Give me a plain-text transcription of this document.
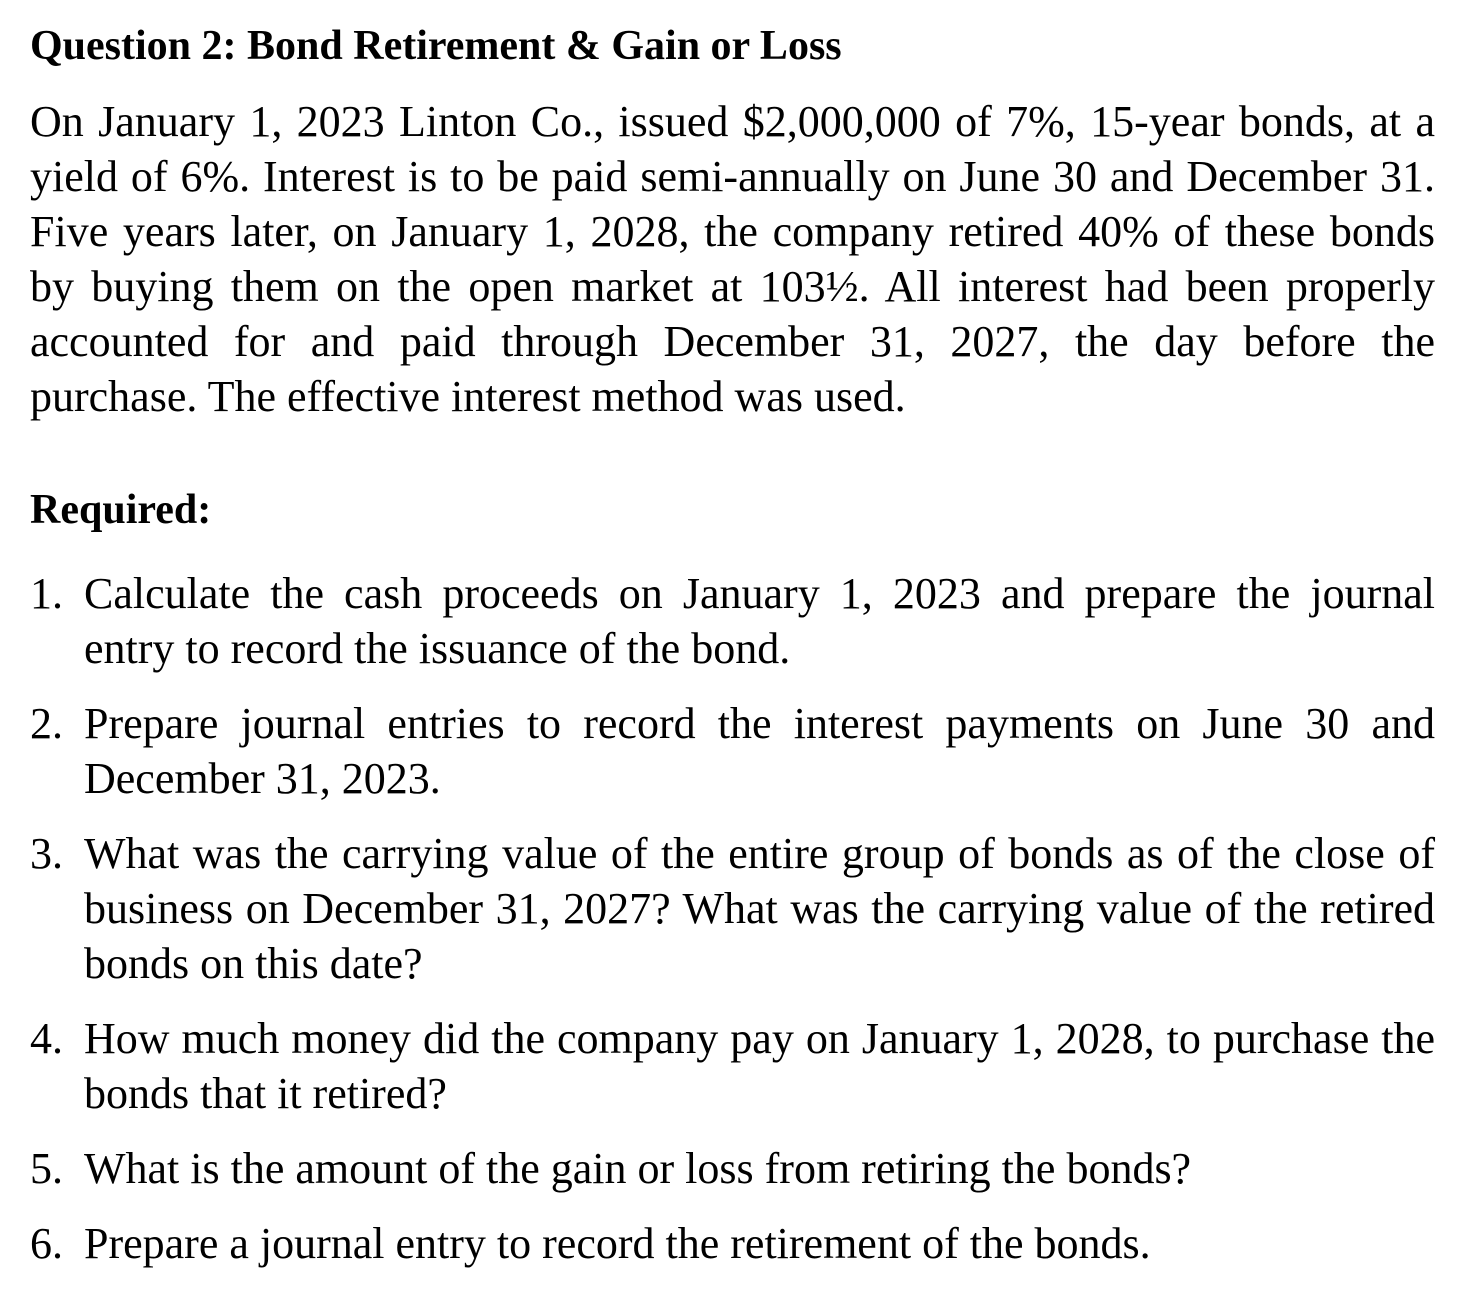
Question 2: Bond Retirement & Gain or Loss

On January 1, 2023 Linton Co., issued $2,000,000 of 7%, 15-year bonds, at a yield of 6%. Interest is to be paid semi-annually on June 30 and December 31. Five years later, on January 1, 2028, the company retired 40% of these bonds by buying them on the open market at 103½. All interest had been properly accounted for and paid through December 31, 2027, the day before the purchase. The effective interest method was used.

Required:
1. Calculate the cash proceeds on January 1, 2023 and prepare the journal entry to record the issuance of the bond.
2. Prepare journal entries to record the interest payments on June 30 and December 31, 2023.
3. What was the carrying value of the entire group of bonds as of the close of business on December 31, 2027? What was the carrying value of the retired bonds on this date?
4. How much money did the company pay on January 1, 2028, to purchase the bonds that it retired?
5. What is the amount of the gain or loss from retiring the bonds?
6. Prepare a journal entry to record the retirement of the bonds.
